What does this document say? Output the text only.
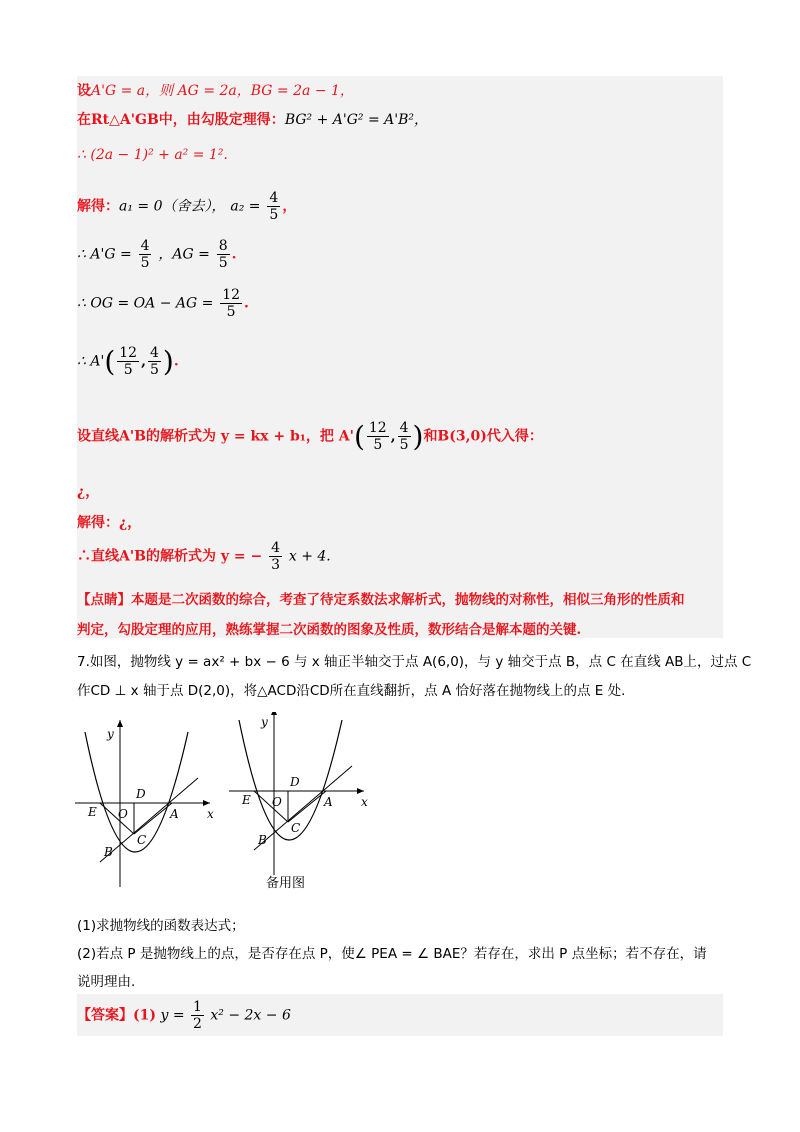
设A'G = a，则 AG = 2a，BG = 2a − 1，
在Rt△A'GB中，由勾股定理得：BG² + A'G² = A'B²，
∴ (2a − 1)² + a² = 1².
解得：a₁ = 0（舍去）， $a_2 = \frac{4}{5}$ ，
∴ $A'G = \frac{4}{5}$ ，AG = $\frac{8}{5}$ .
∴ OG = OA − AG = $\frac{12}{5}$ .
∴ $A'( \frac{12}{5}$ , $\frac{4}{5}$ ).
设直线A'B的解析式为 y = kx + b₁，把 $A'( \frac{12}{5}$ , $\frac{4}{5}$ )和B(3,0)代入得：
¿，
解得：¿，
∴直线A'B的解析式为 y = − $\frac{4}{3}$ x + 4.
【点睛】本题是二次函数的综合，考查了待定系数法求解析式，抛物线的对称性，相似三角形的性质和
判定，勾股定理的应用，熟练掌握二次函数的图象及性质，数形结合是解本题的关键.
7.如图，抛物线 y = ax² + bx − 6 与 x 轴正半轴交于点 A(6,0)，与 y 轴交于点 B，点 C 在直线 AB上，过点 C
作CD ⊥ x 轴于点 D(2,0)，将△ACD沿CD所在直线翻折，点 A 恰好落在抛物线上的点 E 处.
y
x
E O
D
A
B
C
y
x
E O
D
A
B
C
备用图
(1)求抛物线的函数表达式；
(2)若点 P 是抛物线上的点，是否存在点 P，使∠ PEA = ∠ BAE？若存在，求出 P 点坐标；若不存在，请
说明理由.
【答案】(1) $y = \frac{1}{2} x^2 - 2x - 6$
